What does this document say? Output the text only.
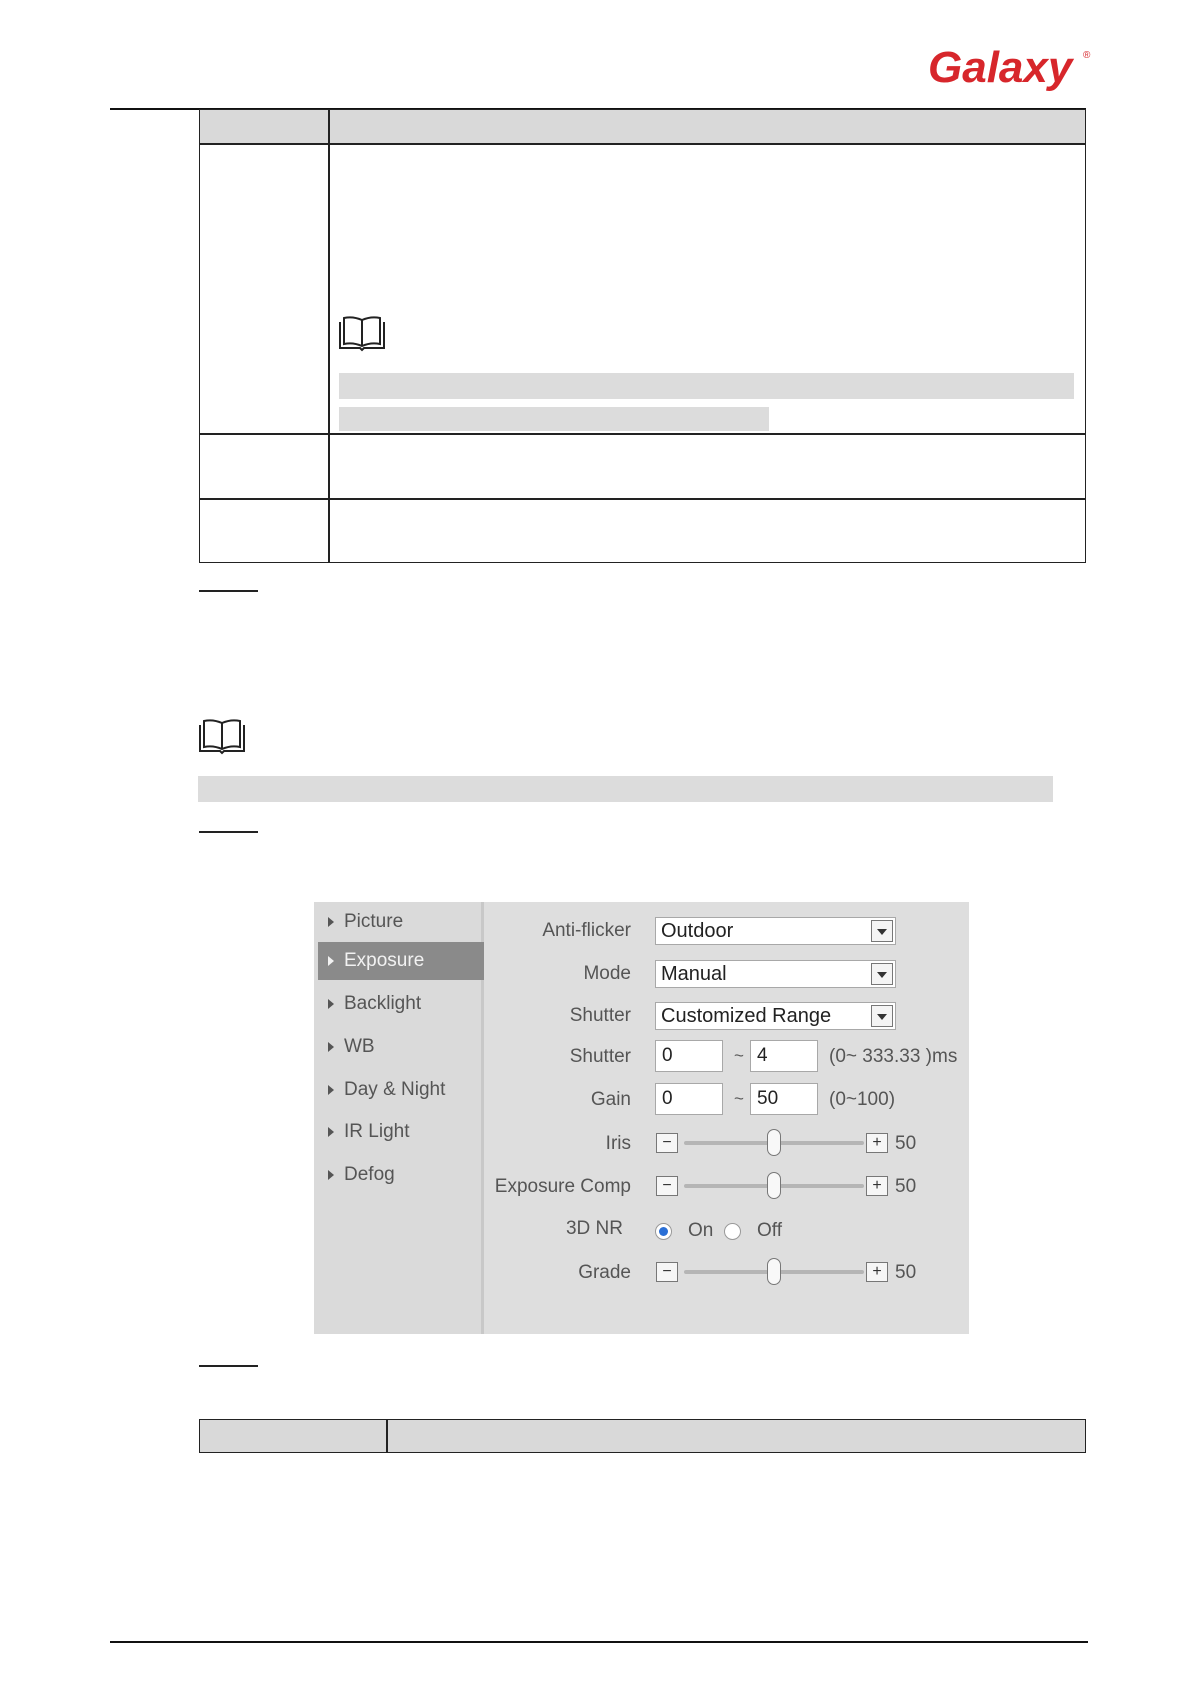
Galaxy ®
Picture
Exposure
Backlight
WB
Day & Night
IR Light
Defog
Anti-flicker	Outdoor
Mode	Manual
Shutter	Customized Range
Shutter	0	~ 4	(0~ 333.33 )ms
Gain	0	~ 50	(0~100)
Iris	−	+ 50
Exposure Comp	−	+ 50
3D NR	On Off
Grade	−	+ 50
